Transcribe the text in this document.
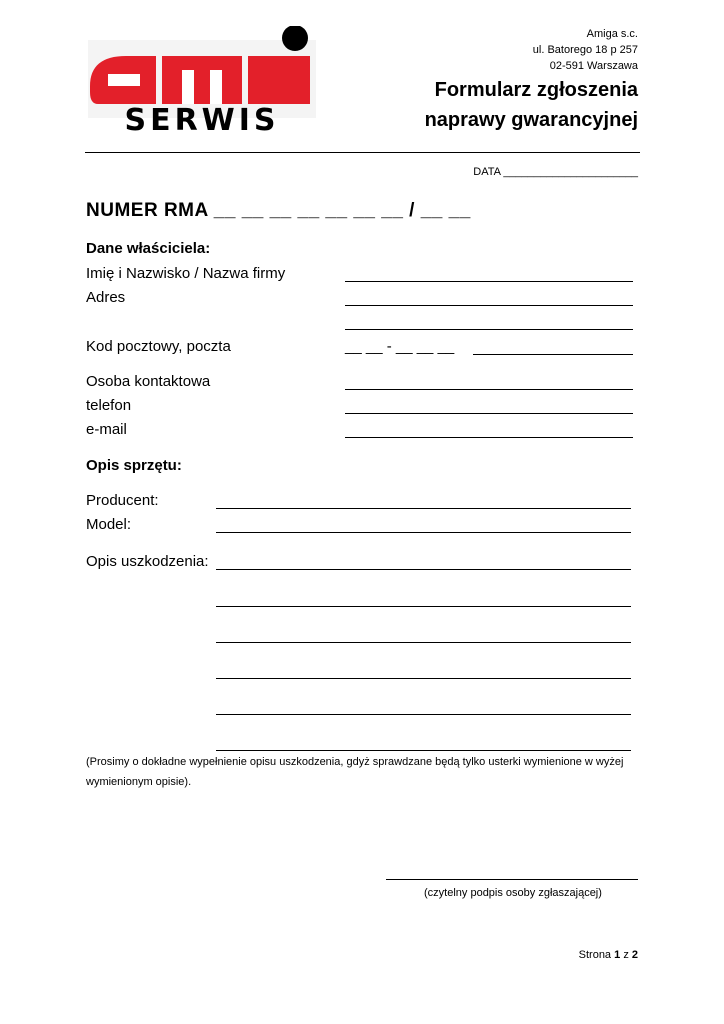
SERWIS
Amiga s.c.
ul. Batorego 18 p 257
02-591 Warszawa
Formularz zgłoszenia
naprawy gwarancyjnej
DATA ______________________
NUMER RMA __ __ __ __ __ __ __ / __ __
Dane właściciela:
Imię i Nazwisko / Nazwa firmy
Adres
Kod pocztowy, poczta	__ __ - __ __ __
Osoba kontaktowa
telefon
e-mail
Opis sprzętu:
Producent:
Model:
Opis uszkodzenia:
(Prosimy o dokładne wypełnienie opisu uszkodzenia, gdyż sprawdzane będą tylko usterki wymienione w wyżej wymienionym opisie).
(czytelny podpis osoby zgłaszającej)
Strona 1 z 2
